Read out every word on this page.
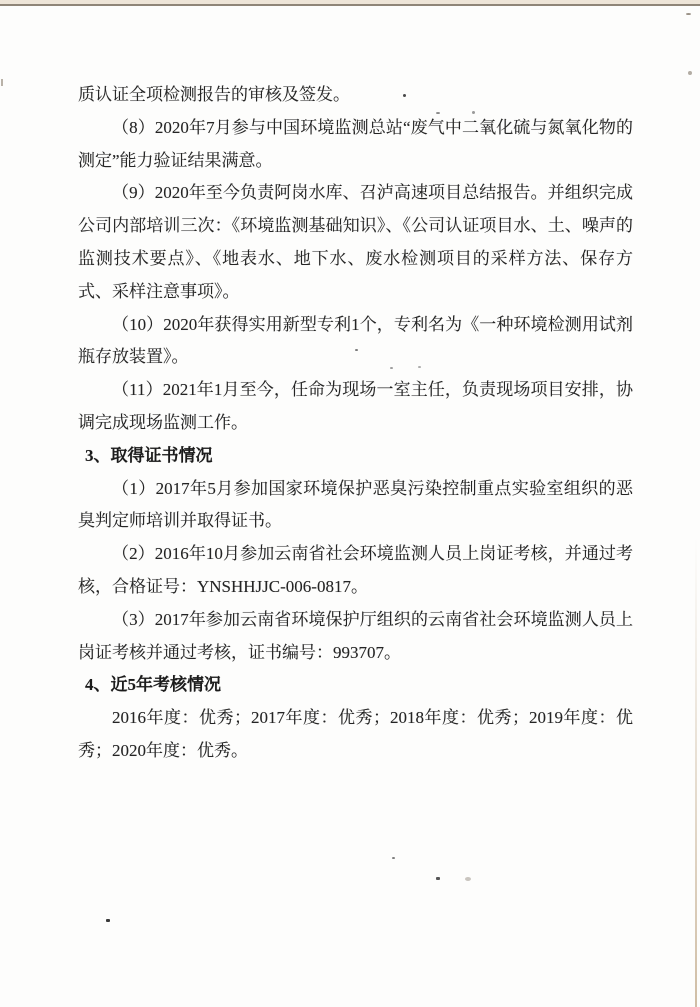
质认证全项检测报告的审核及签发。

（8）2020年7月参与中国环境监测总站“废气中二氧化硫与氮氧化物的测定”能力验证结果满意。

（9）2020年至今负责阿岗水库、召泸高速项目总结报告。并组织完成公司内部培训三次：《环境监测基础知识》、《公司认证项目水、土、噪声的监测技术要点》、《地表水、地下水、废水检测项目的采样方法、保存方式、采样注意事项》。

（10）2020年获得实用新型专利1个，专利名为《一种环境检测用试剂瓶存放装置》。

（11）2021年1月至今，任命为现场一室主任，负责现场项目安排，协调完成现场监测工作。

3、取得证书情况

（1）2017年5月参加国家环境保护恶臭污染控制重点实验室组织的恶臭判定师培训并取得证书。

（2）2016年10月参加云南省社会环境监测人员上岗证考核，并通过考核，合格证号：YNSHHJJC-006-0817。

（3）2017年参加云南省环境保护厅组织的云南省社会环境监测人员上岗证考核并通过考核，证书编号：993707。

4、近5年考核情况

2016年度：优秀；2017年度：优秀；2018年度：优秀；2019年度：优秀；2020年度：优秀。
